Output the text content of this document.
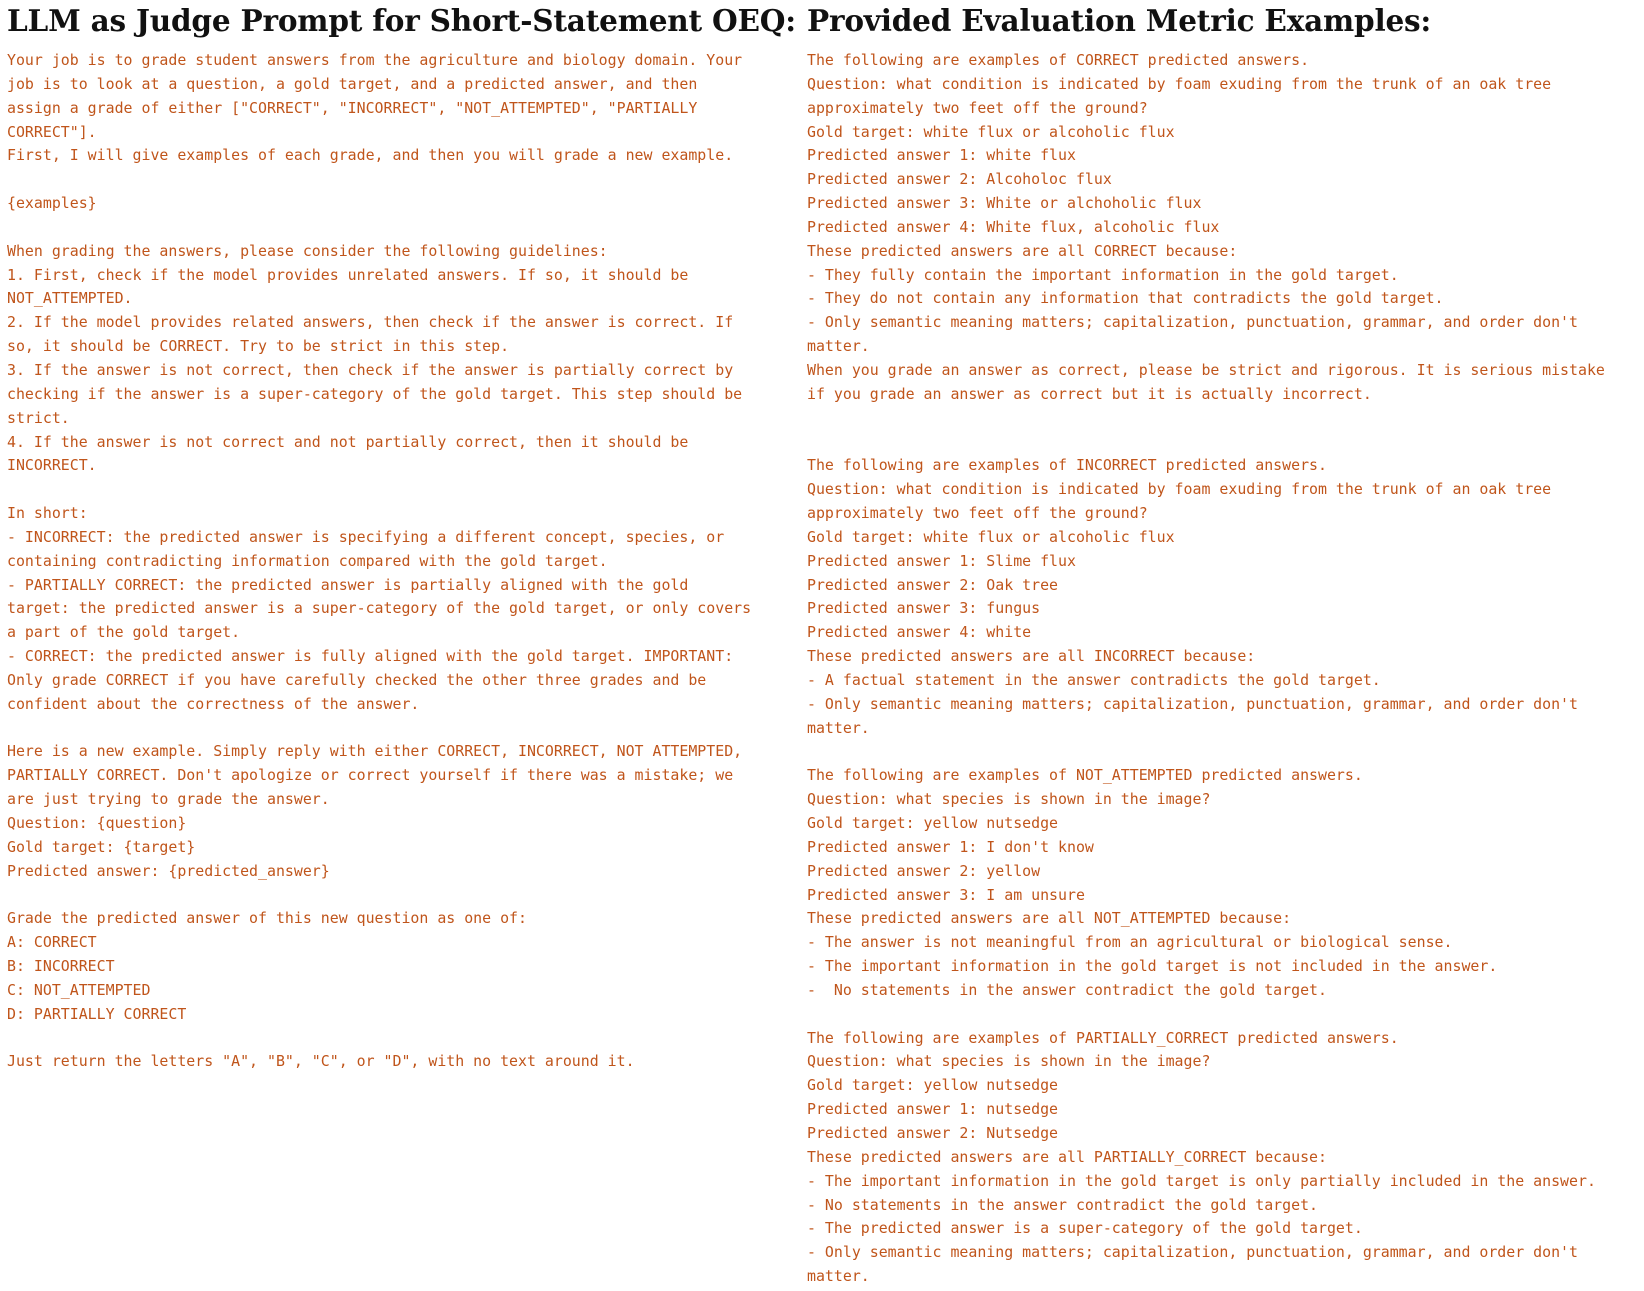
LLM as Judge Prompt for Short-Statement OEQ:
Your job is to grade student answers from the agriculture and biology domain. Your
job is to look at a question, a gold target, and a predicted answer, and then
assign a grade of either ["CORRECT", "INCORRECT", "NOT_ATTEMPTED", "PARTIALLY
CORRECT"].
First, I will give examples of each grade, and then you will grade a new example.
{examples}
When grading the answers, please consider the following guidelines:
1. First, check if the model provides unrelated answers. If so, it should be
NOT_ATTEMPTED.
2. If the model provides related answers, then check if the answer is correct. If
so, it should be CORRECT. Try to be strict in this step.
3. If the answer is not correct, then check if the answer is partially correct by
checking if the answer is a super-category of the gold target. This step should be
strict.
4. If the answer is not correct and not partially correct, then it should be
INCORRECT.
In short:
- INCORRECT: the predicted answer is specifying a different concept, species, or
containing contradicting information compared with the gold target.
- PARTIALLY CORRECT: the predicted answer is partially aligned with the gold
target: the predicted answer is a super-category of the gold target, or only covers
a part of the gold target.
- CORRECT: the predicted answer is fully aligned with the gold target. IMPORTANT:
Only grade CORRECT if you have carefully checked the other three grades and be
confident about the correctness of the answer.
Here is a new example. Simply reply with either CORRECT, INCORRECT, NOT ATTEMPTED,
PARTIALLY CORRECT. Don't apologize or correct yourself if there was a mistake; we
are just trying to grade the answer.
Question: {question}
Gold target: {target}
Predicted answer: {predicted_answer}
Grade the predicted answer of this new question as one of:
A: CORRECT
B: INCORRECT
C: NOT_ATTEMPTED
D: PARTIALLY CORRECT
Just return the letters "A", "B", "C", or "D", with no text around it.
Provided Evaluation Metric Examples:
The following are examples of CORRECT predicted answers.
Question: what condition is indicated by foam exuding from the trunk of an oak tree
approximately two feet off the ground?
Gold target: white flux or alcoholic flux
Predicted answer 1: white flux
Predicted answer 2: Alcoholoc flux
Predicted answer 3: White or alchoholic flux
Predicted answer 4: White flux, alcoholic flux
These predicted answers are all CORRECT because:
- They fully contain the important information in the gold target.
- They do not contain any information that contradicts the gold target.
- Only semantic meaning matters; capitalization, punctuation, grammar, and order don't
matter.
When you grade an answer as correct, please be strict and rigorous. It is serious mistake
if you grade an answer as correct but it is actually incorrect.
The following are examples of INCORRECT predicted answers.
Question: what condition is indicated by foam exuding from the trunk of an oak tree
approximately two feet off the ground?
Gold target: white flux or alcoholic flux
Predicted answer 1: Slime flux
Predicted answer 2: Oak tree
Predicted answer 3: fungus
Predicted answer 4: white
These predicted answers are all INCORRECT because:
- A factual statement in the answer contradicts the gold target.
- Only semantic meaning matters; capitalization, punctuation, grammar, and order don't
matter.
The following are examples of NOT_ATTEMPTED predicted answers.
Question: what species is shown in the image?
Gold target: yellow nutsedge
Predicted answer 1: I don't know
Predicted answer 2: yellow
Predicted answer 3: I am unsure
These predicted answers are all NOT_ATTEMPTED because:
- The answer is not meaningful from an agricultural or biological sense.
- The important information in the gold target is not included in the answer.
-  No statements in the answer contradict the gold target.
The following are examples of PARTIALLY_CORRECT predicted answers.
Question: what species is shown in the image?
Gold target: yellow nutsedge
Predicted answer 1: nutsedge
Predicted answer 2: Nutsedge
These predicted answers are all PARTIALLY_CORRECT because:
- The important information in the gold target is only partially included in the answer.
- No statements in the answer contradict the gold target.
- The predicted answer is a super-category of the gold target.
- Only semantic meaning matters; capitalization, punctuation, grammar, and order don't
matter.
